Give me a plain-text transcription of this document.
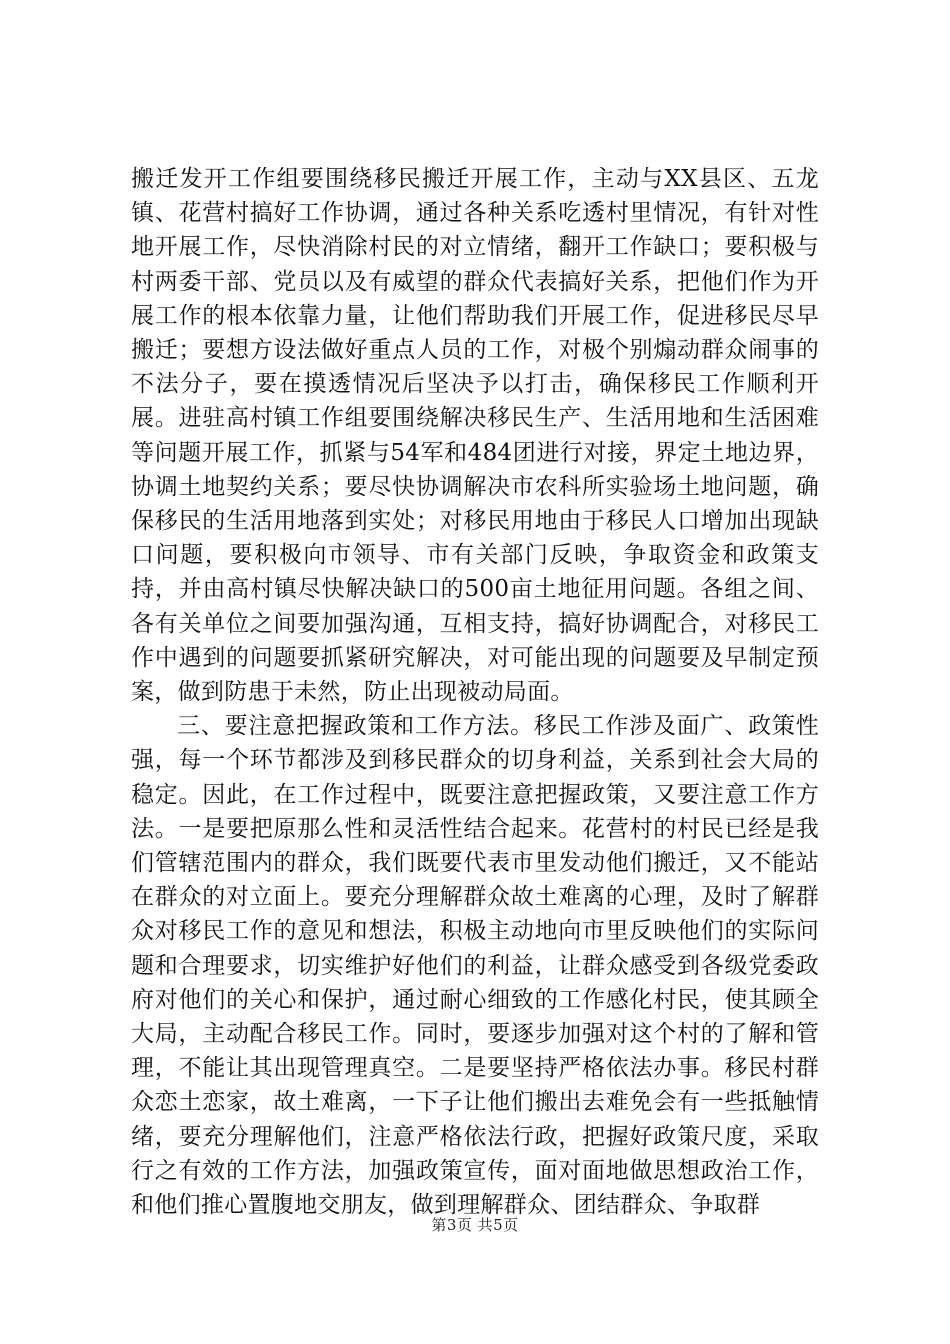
搬迁发开工作组要围绕移民搬迁开展工作，主动与XX县区、五龙镇、花营村搞好工作协调，通过各种关系吃透村里情况，有针对性地开展工作，尽快消除村民的对立情绪，翻开工作缺口；要积极与村两委干部、党员以及有威望的群众代表搞好关系，把他们作为开展工作的根本依靠力量，让他们帮助我们开展工作，促进移民尽早搬迁；要想方设法做好重点人员的工作，对极个别煽动群众闹事的不法分子，要在摸透情况后坚决予以打击，确保移民工作顺利开展。进驻高村镇工作组要围绕解决移民生产、生活用地和生活困难等问题开展工作，抓紧与54军和484团进行对接，界定土地边界，协调土地契约关系；要尽快协调解决市农科所实验场土地问题，确保移民的生活用地落到实处；对移民用地由于移民人口增加出现缺口问题，要积极向市领导、市有关部门反映，争取资金和政策支持，并由高村镇尽快解决缺口的500亩土地征用问题。各组之间、各有关单位之间要加强沟通，互相支持，搞好协调配合，对移民工作中遇到的问题要抓紧研究解决，对可能出现的问题要及早制定预案，做到防患于未然，防止出现被动局面。

三、要注意把握政策和工作方法。移民工作涉及面广、政策性强，每一个环节都涉及到移民群众的切身利益，关系到社会大局的稳定。因此，在工作过程中，既要注意把握政策，又要注意工作方法。一是要把原那么性和灵活性结合起来。花营村的村民已经是我们管辖范围内的群众，我们既要代表市里发动他们搬迁，又不能站在群众的对立面上。要充分理解群众故土难离的心理，及时了解群众对移民工作的意见和想法，积极主动地向市里反映他们的实际问题和合理要求，切实维护好他们的利益，让群众感受到各级党委政府对他们的关心和保护，通过耐心细致的工作感化村民，使其顾全大局，主动配合移民工作。同时，要逐步加强对这个村的了解和管理，不能让其出现管理真空。二是要坚持严格依法办事。移民村群众恋土恋家，故土难离，一下子让他们搬出去难免会有一些抵触情绪，要充分理解他们，注意严格依法行政，把握好政策尺度，采取行之有效的工作方法，加强政策宣传，面对面地做思想政治工作，和他们推心置腹地交朋友，做到理解群众、团结群众、争取群

第3页 共5页
